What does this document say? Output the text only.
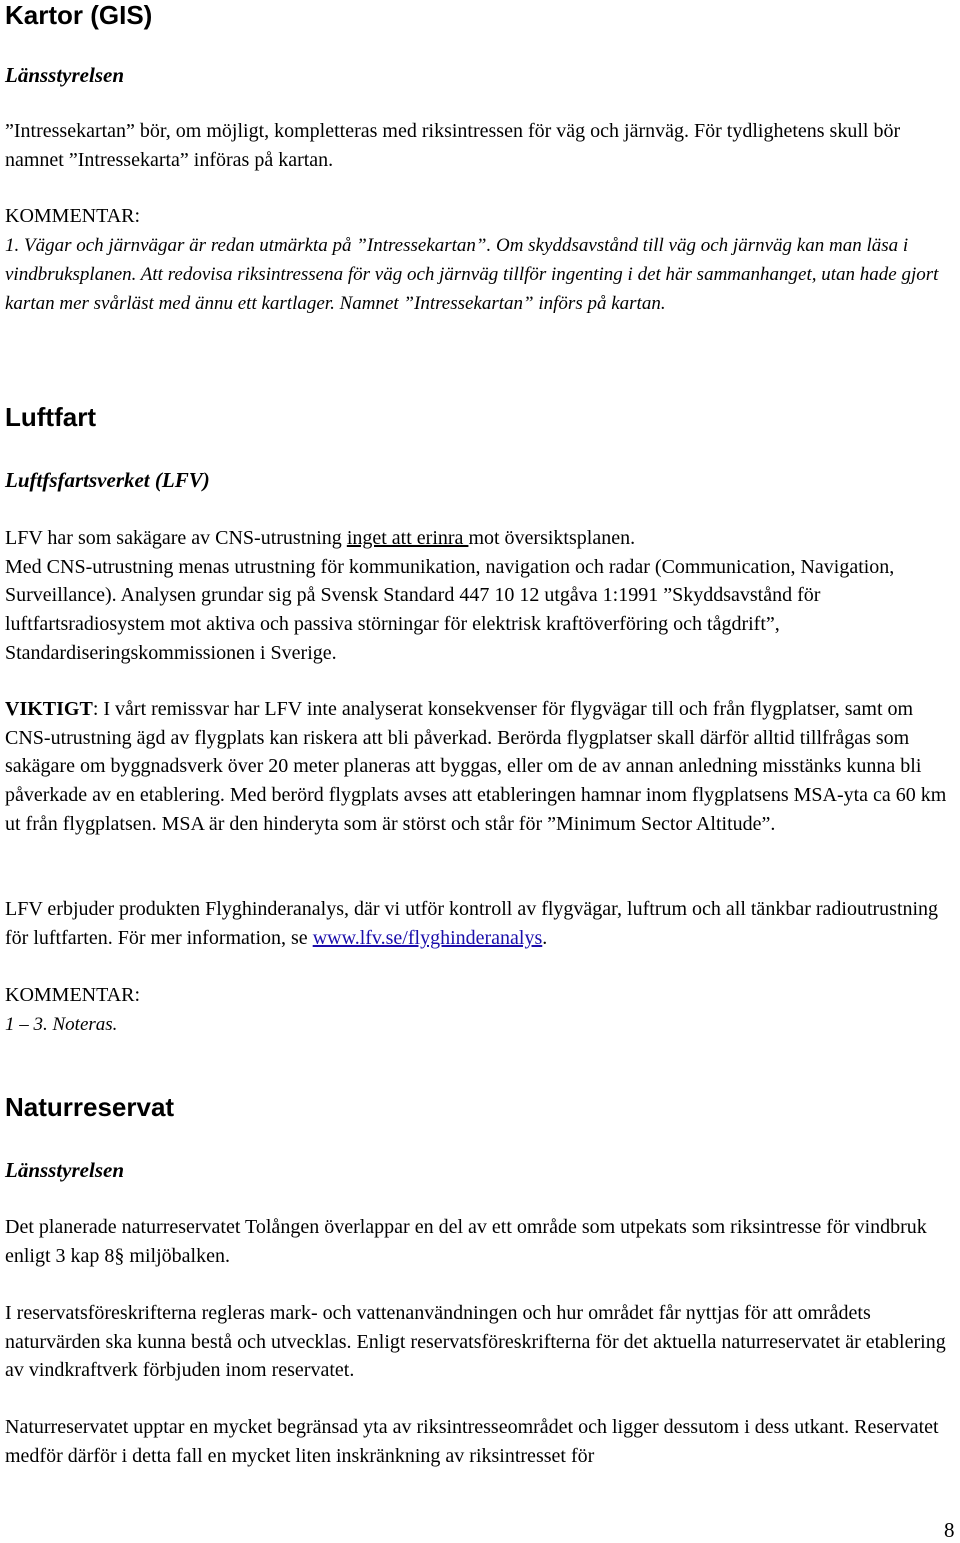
Kartor (GIS)

Länsstyrelsen

”Intressekartan” bör, om möjligt, kompletteras med riksintressen för väg och järnväg. För tydlighetens skull bör namnet ”Intressekarta” införas på kartan.

KOMMENTAR:

1. Vägar och järnvägar är redan utmärkta på ”Intressekartan”. Om skyddsavstånd till väg och järnväg kan man läsa i vindbruksplanen. Att redovisa riksintressena för väg och järnväg tillför ingenting i det här sammanhanget, utan hade gjort kartan mer svårläst med ännu ett kartlager. Namnet ”Intressekartan” införs på kartan.

Luftfart

Luftfsfartsverket (LFV)

LFV har som sakägare av CNS-utrustning inget att erinra mot översiktsplanen.

Med CNS-utrustning menas utrustning för kommunikation, navigation och radar (Communication, Navigation, Surveillance). Analysen grundar sig på Svensk Standard 447 10 12 utgåva 1:1991 ”Skyddsavstånd för luftfartsradiosystem mot aktiva och passiva störningar för elektrisk kraftöverföring och tågdrift”, Standardiseringskommissionen i Sverige.

VIKTIGT: I vårt remissvar har LFV inte analyserat konsekvenser för flygvägar till och från flygplatser, samt om CNS-utrustning ägd av flygplats kan riskera att bli påverkad. Berörda flygplatser skall därför alltid tillfrågas som sakägare om byggnadsverk över 20 meter planeras att byggas, eller om de av annan anledning misstänks kunna bli påverkade av en etablering. Med berörd flygplats avses att etableringen hamnar inom flygplatsens MSA-yta ca 60 km ut från flygplatsen. MSA är den hinderyta som är störst och står för ”Minimum Sector Altitude”.

LFV erbjuder produkten Flyghinderanalys, där vi utför kontroll av flygvägar, luftrum och all tänkbar radioutrustning för luftfarten. För mer information, se www.lfv.se/flyghinderanalys.

KOMMENTAR:

1 – 3. Noteras.

Naturreservat

Länsstyrelsen

Det planerade naturreservatet Tolången överlappar en del av ett område som utpekats som riksintresse för vindbruk enligt 3 kap 8§ miljöbalken.

I reservatsföreskrifterna regleras mark- och vattenanvändningen och hur området får nyttjas för att områdets naturvärden ska kunna bestå och utvecklas. Enligt reservatsföreskrifterna för det aktuella naturreservatet är etablering av vindkraftverk förbjuden inom reservatet.

Naturreservatet upptar en mycket begränsad yta av riksintresseområdet och ligger dessutom i dess utkant. Reservatet medför därför i detta fall en mycket liten inskränkning av riksintresset för

8
